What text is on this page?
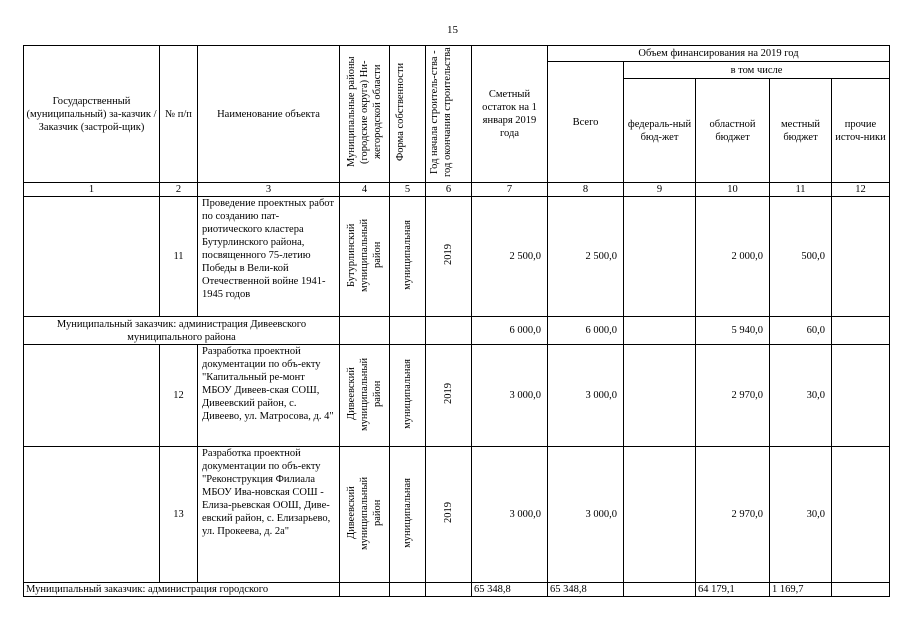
15
Государственный (муниципальный) за-казчик / Заказчик (застрой-щик)	№ п/п	Наименование объекта	Муниципальные районы (городские округа) Ни-жегородской области	Форма собственности	Год начала строитель-ства - год окончания строительства	Сметный остаток на 1 января 2019 года	Объем финансирования на 2019 год				
							Всего	в том числе			
								федераль-ный бюд-жет	областной бюджет	местный бюджет	прочие источ-ники
1	2	3	4	5	6	7	8	9	10	11	12
	11	Проведение проектных работ по созданию пат-риотического кластера Бутурлинского района, посвященного 75-летию Победы в Вели-кой Отечественной войне 1941-1945 годов	Бутурлинский муниципальный район	муниципальная	2019	2 500,0	2 500,0		2 000,0	500,0	
Муниципальный заказчик: администрация Дивеевского муниципального района						6 000,0	6 000,0		5 940,0	60,0	
	12	Разработка проектной документации по объ-екту "Капитальный ре-монт МБОУ Дивеев-ская СОШ, Дивеевский район, с. Дивеево, ул. Матросова, д. 4"	Дивеевский муниципальный район	муниципальная	2019	3 000,0	3 000,0		2 970,0	30,0	
	13	Разработка проектной документации по объ-екту "Реконструкция Филиала МБОУ Ива-новская СОШ - Елиза-рьевская ООШ, Диве-евский район, с. Елизарьево, ул. Прокеева, д. 2а"	Дивеевский муниципальный район	муниципальная	2019	3 000,0	3 000,0		2 970,0	30,0	
Муниципальный заказчик: администрация городского						65 348,8	65 348,8		64 179,1	1 169,7	
